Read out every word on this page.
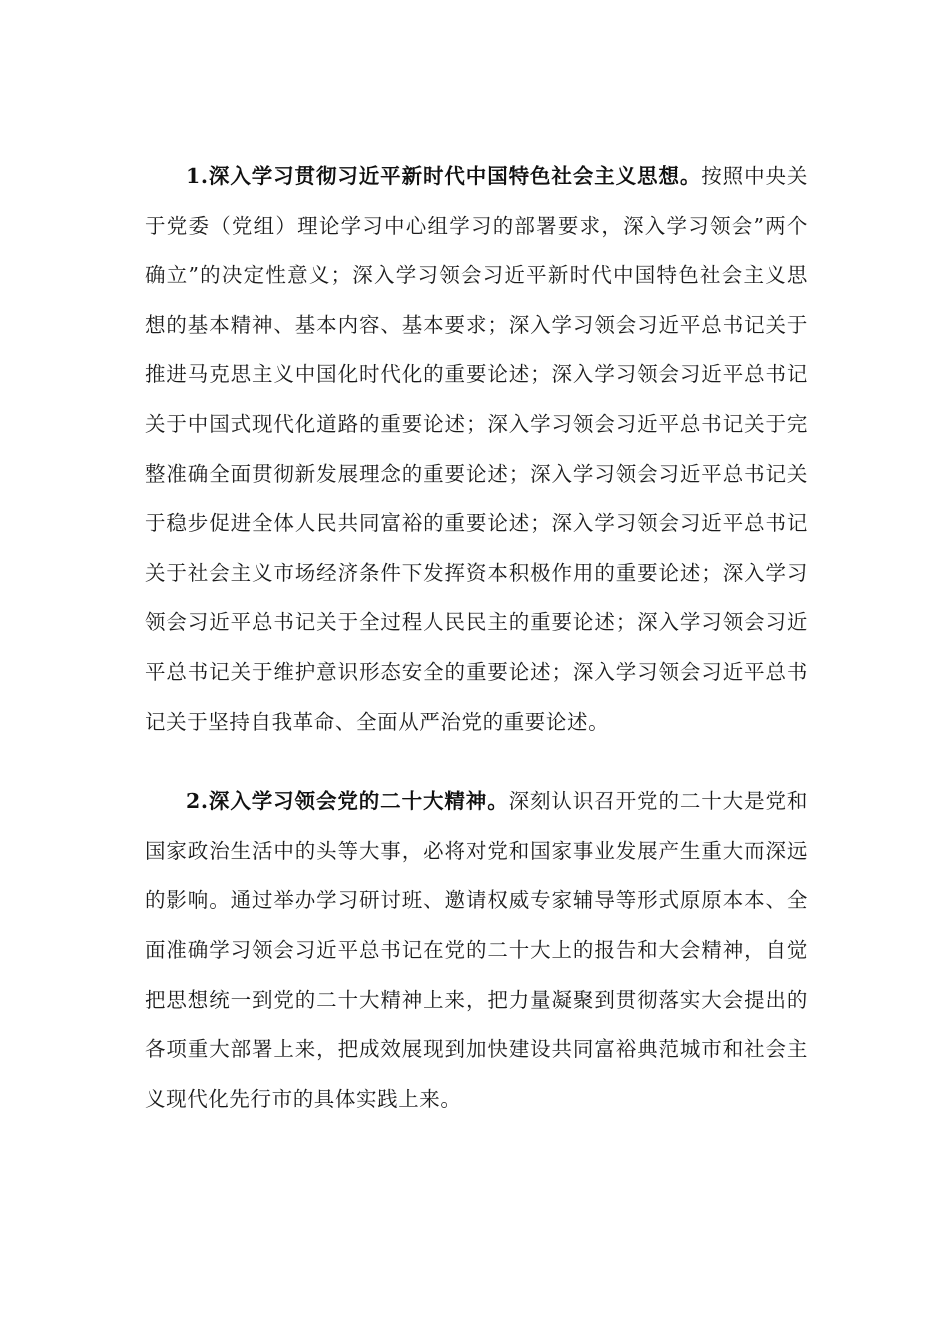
1.深入学习贯彻习近平新时代中国特色社会主义思想。按照中央关于党委（党组）理论学习中心组学习的部署要求，深入学习领会”两个确立”的决定性意义；深入学习领会习近平新时代中国特色社会主义思想的基本精神、基本内容、基本要求；深入学习领会习近平总书记关于推进马克思主义中国化时代化的重要论述；深入学习领会习近平总书记关于中国式现代化道路的重要论述；深入学习领会习近平总书记关于完整准确全面贯彻新发展理念的重要论述；深入学习领会习近平总书记关于稳步促进全体人民共同富裕的重要论述；深入学习领会习近平总书记关于社会主义市场经济条件下发挥资本积极作用的重要论述；深入学习领会习近平总书记关于全过程人民民主的重要论述；深入学习领会习近平总书记关于维护意识形态安全的重要论述；深入学习领会习近平总书记关于坚持自我革命、全面从严治党的重要论述。

2.深入学习领会党的二十大精神。深刻认识召开党的二十大是党和国家政治生活中的头等大事，必将对党和国家事业发展产生重大而深远的影响。通过举办学习研讨班、邀请权威专家辅导等形式原原本本、全面准确学习领会习近平总书记在党的二十大上的报告和大会精神，自觉把思想统一到党的二十大精神上来，把力量凝聚到贯彻落实大会提出的各项重大部署上来，把成效展现到加快建设共同富裕典范城市和社会主义现代化先行市的具体实践上来。
